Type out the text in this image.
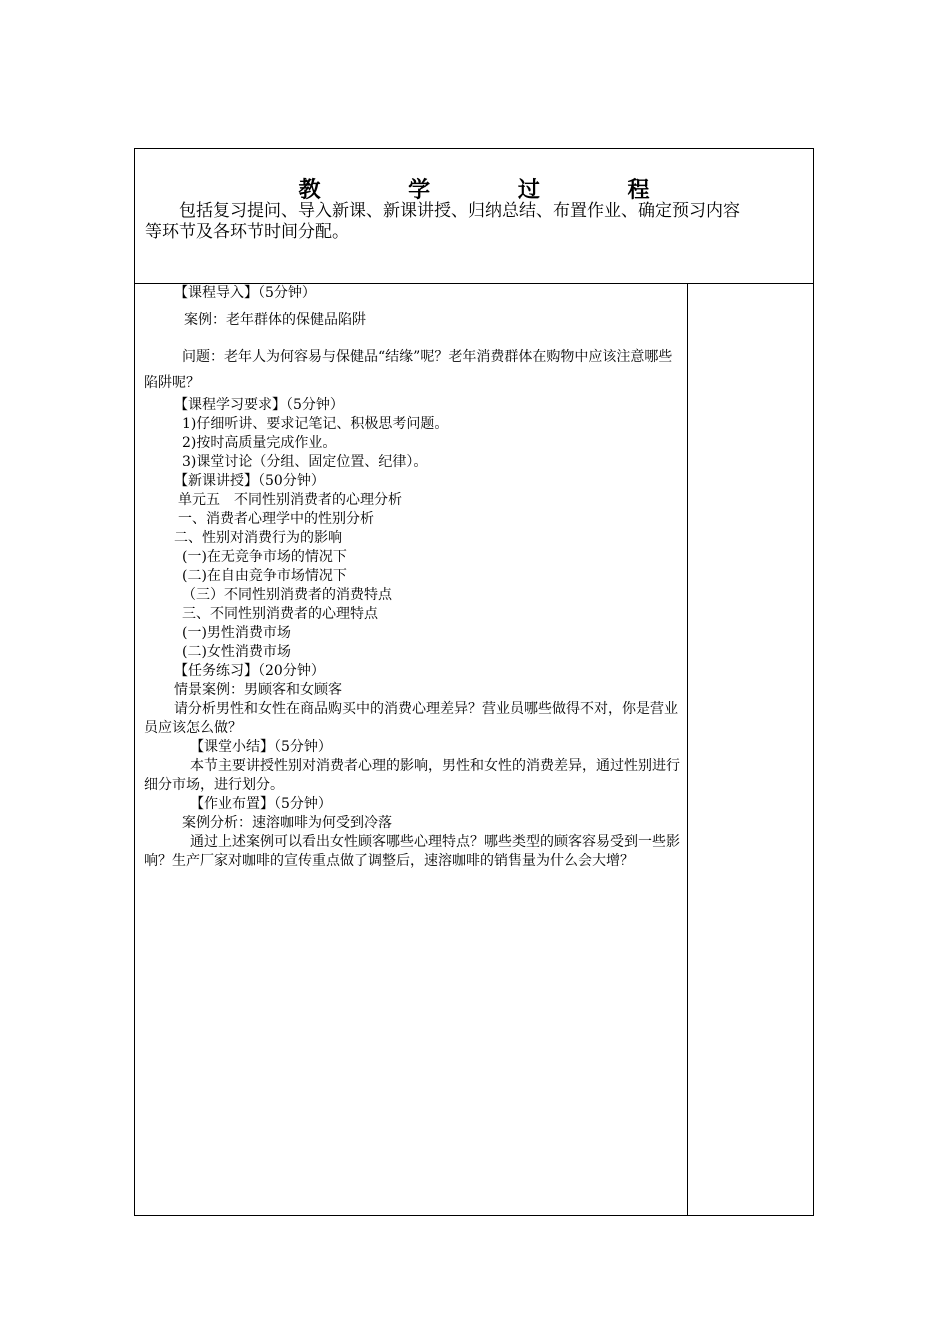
教 学 过 程
包括复习提问、导入新课、新课讲授、归纳总结、布置作业、确定预习内容
等环节及各环节时间分配。
【课程导入】（5分钟）
案例：老年群体的保健品陷阱
问题：老年人为何容易与保健品“结缘”呢？老年消费群体在购物中应该注意哪些陷阱呢？
【课程学习要求】（5分钟）
1)仔细听讲、要求记笔记、积极思考问题。
2)按时高质量完成作业。
3)课堂讨论（分组、固定位置、纪律）。
【新课讲授】（50分钟）
单元五　不同性别消费者的心理分析
一、消费者心理学中的性别分析
二、性别对消费行为的影响
(一)在无竞争市场的情况下
(二)在自由竞争市场情况下
（三）不同性别消费者的消费特点
三、不同性别消费者的心理特点
(一)男性消费市场
(二)女性消费市场
【任务练习】（20分钟）
情景案例：男顾客和女顾客
请分析男性和女性在商品购买中的消费心理差异？营业员哪些做得不对，你是营业员应该怎么做？
【课堂小结】（5分钟）
本节主要讲授性别对消费者心理的影响，男性和女性的消费差异，通过性别进行细分市场，进行划分。
【作业布置】（5分钟）
案例分析：速溶咖啡为何受到冷落
通过上述案例可以看出女性顾客哪些心理特点？哪些类型的顾客容易受到一些影响？生产厂家对咖啡的宣传重点做了调整后，速溶咖啡的销售量为什么会大增？
